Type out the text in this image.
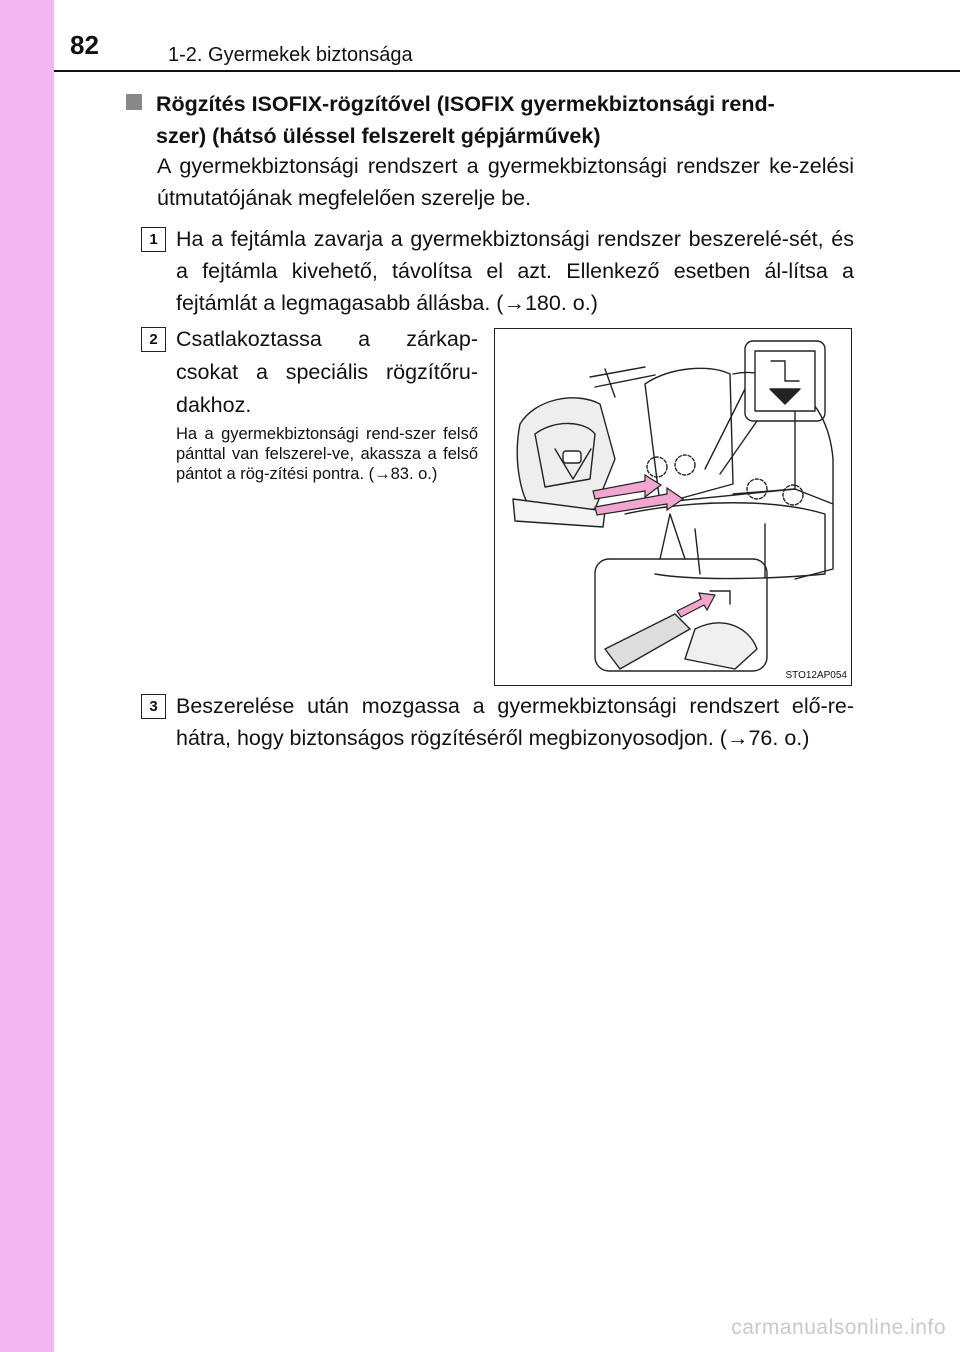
82	1-2. Gyermekek biztonsága
Rögzítés ISOFIX-rögzítővel (ISOFIX gyermekbiztonsági rend-
szer) (hátsó üléssel felszerelt gépjárművek)
A gyermekbiztonsági rendszert a gyermekbiztonsági rendszer ke-zelési útmutatójának megfelelően szerelje be.
1 Ha a fejtámla zavarja a gyermekbiztonsági rendszer beszerelé-sét, és a fejtámla kivehető, távolítsa el azt. Ellenkező esetben ál-lítsa a fejtámlát a legmagasabb állásba. (→180. o.)
2 Csatlakoztassa a zárkap-csokat a speciális rögzítőru-dakhoz.
Ha a gyermekbiztonsági rend-szer felső pánttal van felszerel-ve, akassza a felső pántot a rög-zítési pontra. (→83. o.)
STO12AP054
3 Beszerelése után mozgassa a gyermekbiztonsági rendszert elő-re-hátra, hogy biztonságos rögzítéséről megbizonyosodjon. (→76. o.)
carmanualsonline.info
